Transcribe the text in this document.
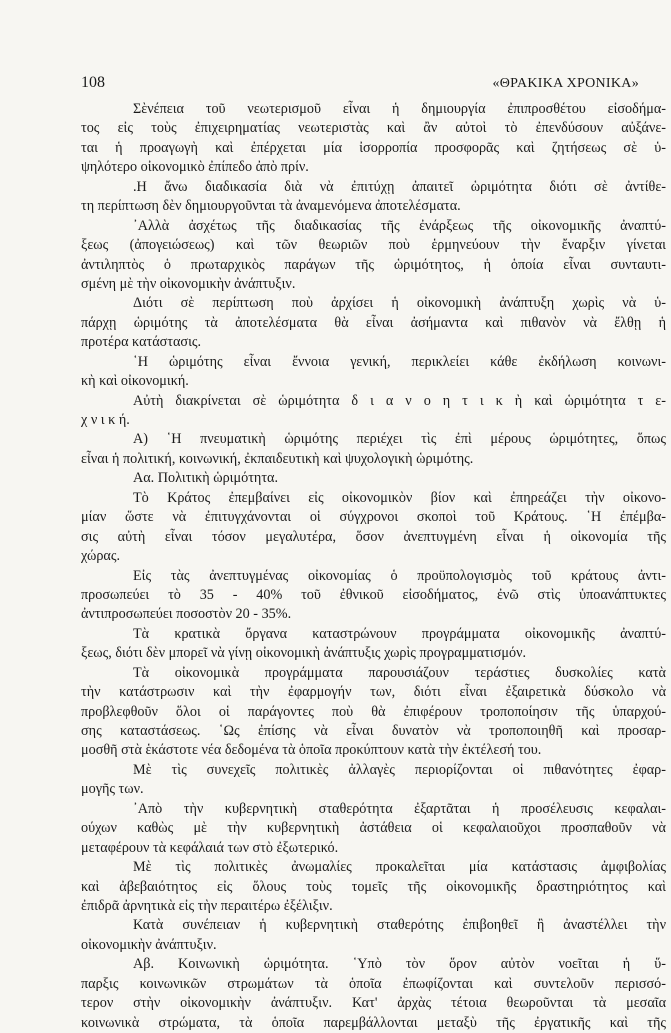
108	«ΘΡΑΚΙΚΑ ΧΡΟΝΙΚΑ»
Σὲνέπεια τοῦ νεωτερισμοῦ εἶναι ἡ δημιουργία ἐπιπροσθέτου εἰσοδήμα-
τος εἰς τοὺς ἐπιχειρηματίας νεωτεριστὰς καὶ ἂν αὐτοὶ τὸ ἐπενδύσουν αὐξάνε-
ται ἡ προαγωγὴ καὶ ἐπέρχεται μία ἰσορροπία προσφορᾶς καὶ ζητήσεως σὲ ὑ-
ψηλότερο οἰκονομικὸ ἐπίπεδο ἀπὸ πρίν.
.Η ἄνω διαδικασία διὰ νὰ ἐπιτύχῃ ἀπαιτεῖ ὡριμότητα διότι σὲ ἀντίθε-
τη περίπτωση δὲν δημιουργοῦνται τὰ ἀναμενόμενα ἀποτελέσματα.
᾿Αλλὰ ἀσχέτως τῆς διαδικασίας τῆς ἐνάρξεως τῆς οἰκονομικῆς ἀναπτύ-
ξεως (ἀπογειώσεως) καὶ τῶν θεωριῶν ποὺ ἑρμηνεύουν τὴν ἔναρξιν γίνεται
ἀντιληπτὸς ὁ πρωταρχικὸς παράγων τῆς ὡριμότητος, ἡ ὁποία εἶναι συνταυτι-
σμένη μὲ τὴν οἰκονομικὴν ἀνάπτυξιν.
Διότι σὲ περίπτωση ποὺ ἀρχίσει ἡ οἰκονομικὴ ἀνάπτυξη χωρὶς νὰ ὑ-
πάρχῃ ὡριμότης τὰ ἀποτελέσματα θὰ εἶναι ἀσήμαντα καὶ πιθανὸν νὰ ἔλθῃ ἡ
προτέρα κατάστασις.
῾Η ὡριμότης εἶναι ἔννοια γενική, περικλείει κάθε ἐκδήλωση κοινωνι-
κὴ καὶ οἰκονομική.
Αὐτὴ διακρίνεται σὲ ὡριμότητα δ ι α ν ο η τ ι κ ὴ καὶ ὡριμότητα τ ε-
χ ν ι κ ή.
Α) ῾Η πνευματικὴ ὡριμότης περιέχει τὶς ἐπὶ μέρους ὡριμότητες, ὅπως
εἶναι ἡ πολιτική, κοινωνική, ἐκπαιδευτικὴ καὶ ψυχολογικὴ ὡριμότης.
Αα. Πολιτικὴ ὡριμότητα.
Τὸ Κράτος ἐπεμβαίνει εἰς οἰκονομικὸν βίον καὶ ἐπηρεάζει τὴν οἰκονο-
μίαν ὥστε νὰ ἐπιτυγχάνονται οἱ σύγχρονοι σκοποὶ τοῦ Κράτους. ῾Η ἐπέμβα-
σις αὐτὴ εἶναι τόσον μεγαλυτέρα, ὅσον ἀνεπτυγμένη εἶναι ἡ οἰκονομία τῆς
χώρας.
Εἰς τὰς ἀνεπτυγμένας οἰκονομίας ὁ προϋπολογισμὸς τοῦ κράτους ἀντι-
προσωπεύει τὸ 35 - 40% τοῦ ἐθνικοῦ εἰσοδήματος, ἐνῶ στὶς ὑποανάπτυκτες
ἀντιπροσωπεύει ποσοστὸν 20 - 35%.
Τὰ κρατικὰ ὄργανα καταστρώνουν προγράμματα οἰκονομικῆς ἀναπτύ-
ξεως, διότι δὲν μπορεῖ νὰ γίνῃ οἰκονομικὴ ἀνάπτυξις χωρὶς προγραμματισμόν.
Τὰ οἰκονομικὰ προγράμματα παρουσιάζουν τεράστιες δυσκολίες κατὰ
τὴν κατάστρωσιν καὶ τὴν ἐφαρμογήν των, διότι εἶναι ἐξαιρετικὰ δύσκολο νὰ
προβλεφθοῦν ὅλοι οἱ παράγοντες ποὺ θὰ ἐπιφέρουν τροποποίησιν τῆς ὑπαρχού-
σης καταστάσεως. ῾Ως ἐπίσης νὰ εἶναι δυνατὸν νὰ τροποποιηθῆ καὶ προσαρ-
μοσθῆ στὰ ἑκάστοτε νέα δεδομένα τὰ ὁποῖα προκύπτουν κατὰ τὴν ἐκτέλεσή του.
Μὲ τὶς συνεχεῖς πολιτικὲς ἀλλαγὲς περιορίζονται οἱ πιθανότητες ἐφαρ-
μογῆς των.
᾿Απὸ τὴν κυβερνητικὴ σταθερότητα ἐξαρτᾶται ἡ προσέλευσις κεφαλαι-
ούχων καθὼς μὲ τὴν κυβερνητικὴ ἀστάθεια οἱ κεφαλαιοῦχοι προσπαθοῦν νὰ
μεταφέρουν τὰ κεφάλαιά των στὸ ἐξωτερικό.
Μὲ τὶς πολιτικὲς ἀνωμαλίες προκαλεῖται μία κατάστασις ἀμφιβολίας
καὶ ἀβεβαιότητος εἰς ὅλους τοὺς τομεῖς τῆς οἰκονομικῆς δραστηριότητος καὶ
ἐπιδρᾶ ἀρνητικὰ εἰς τὴν περαιτέρω ἐξέλιξιν.
Κατὰ συνέπειαν ἡ κυβερνητικὴ σταθερότης ἐπιβοηθεῖ ἢ ἀναστέλλει τὴν
οἰκονομικὴν ἀνάπτυξιν.
Αβ. Κοινωνικὴ ὡριμότητα. ῾Υπὸ τὸν ὅρον αὐτὸν νοεῖται ἡ ὕ-
παρξις κοινωνικῶν στρωμάτων τὰ ὁποῖα ἐπωφίζονται καὶ συντελοῦν περισσό-
τερον στὴν οἰκονομικὴν ἀνάπτυξιν. Κατ' ἀρχὰς τέτοια θεωροῦνται τὰ μεσαῖα
κοινωνικὰ στρώματα, τὰ ὁποῖα παρεμβάλλονται μεταξὺ τῆς ἐργατικῆς καὶ τῆς
